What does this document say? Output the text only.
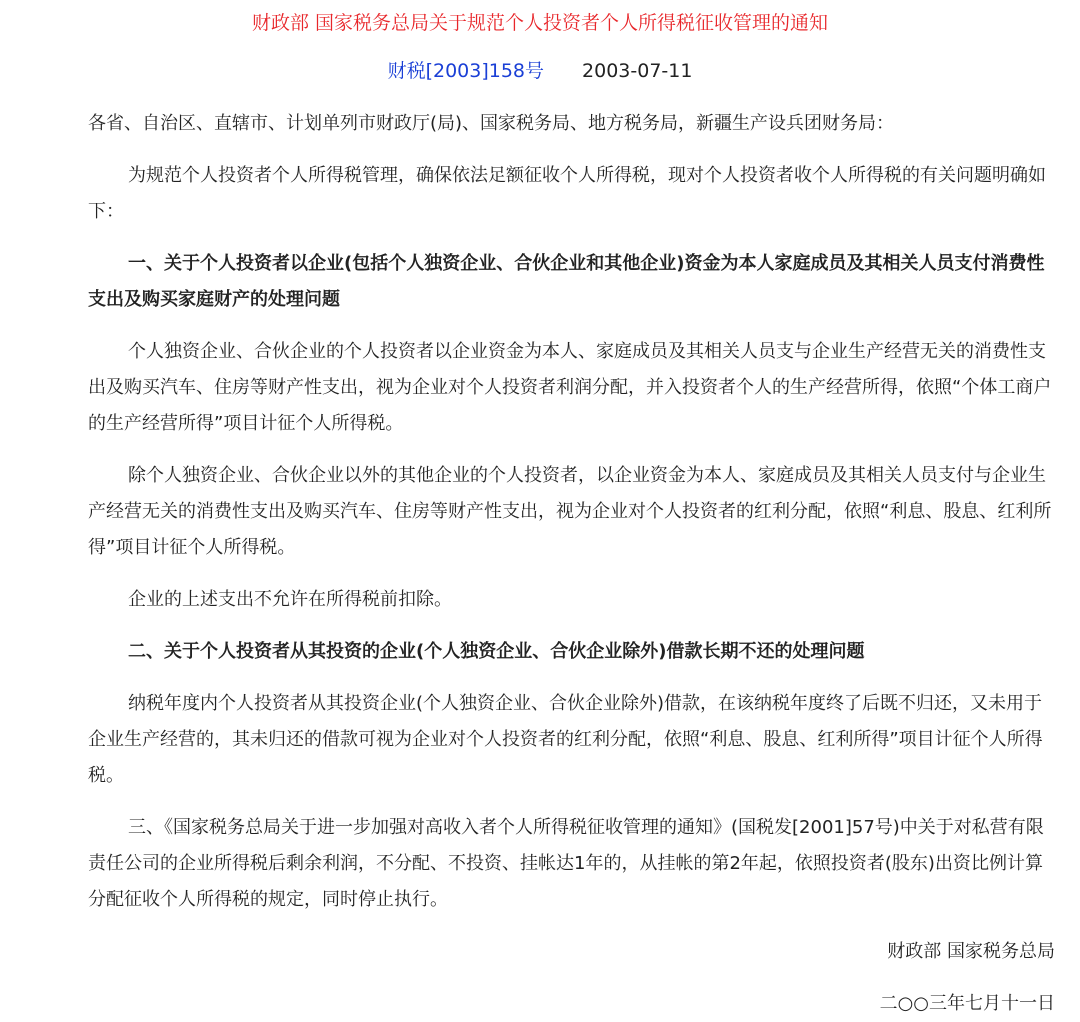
财政部 国家税务总局关于规范个人投资者个人所得税征收管理的通知
财税[2003]158号 2003-07-11

各省、自治区、直辖市、计划单列市财政厅(局)、国家税务局、地方税务局，新疆生产设兵团财务局：

为规范个人投资者个人所得税管理，确保依法足额征收个人所得税，现对个人投资者收个人所得税的有关问题明确如下：

一、关于个人投资者以企业(包括个人独资企业、合伙企业和其他企业)资金为本人家庭成员及其相关人员支付消费性支出及购买家庭财产的处理问题

个人独资企业、合伙企业的个人投资者以企业资金为本人、家庭成员及其相关人员支与企业生产经营无关的消费性支出及购买汽车、住房等财产性支出，视为企业对个人投资者利润分配，并入投资者个人的生产经营所得，依照“个体工商户的生产经营所得”项目计征个人所得税。

除个人独资企业、合伙企业以外的其他企业的个人投资者，以企业资金为本人、家庭成员及其相关人员支付与企业生产经营无关的消费性支出及购买汽车、住房等财产性支出，视为企业对个人投资者的红利分配，依照“利息、股息、红利所得”项目计征个人所得税。

企业的上述支出不允许在所得税前扣除。

二、关于个人投资者从其投资的企业(个人独资企业、合伙企业除外)借款长期不还的处理问题

纳税年度内个人投资者从其投资企业(个人独资企业、合伙企业除外)借款，在该纳税年度终了后既不归还，又未用于企业生产经营的，其未归还的借款可视为企业对个人投资者的红利分配，依照“利息、股息、红利所得”项目计征个人所得税。

三、《国家税务总局关于进一步加强对高收入者个人所得税征收管理的通知》(国税发[2001]57号)中关于对私营有限责任公司的企业所得税后剩余利润，不分配、不投资、挂帐达1年的，从挂帐的第2年起，依照投资者(股东)出资比例计算分配征收个人所得税的规定，同时停止执行。

财政部 国家税务总局

二○○三年七月十一日
